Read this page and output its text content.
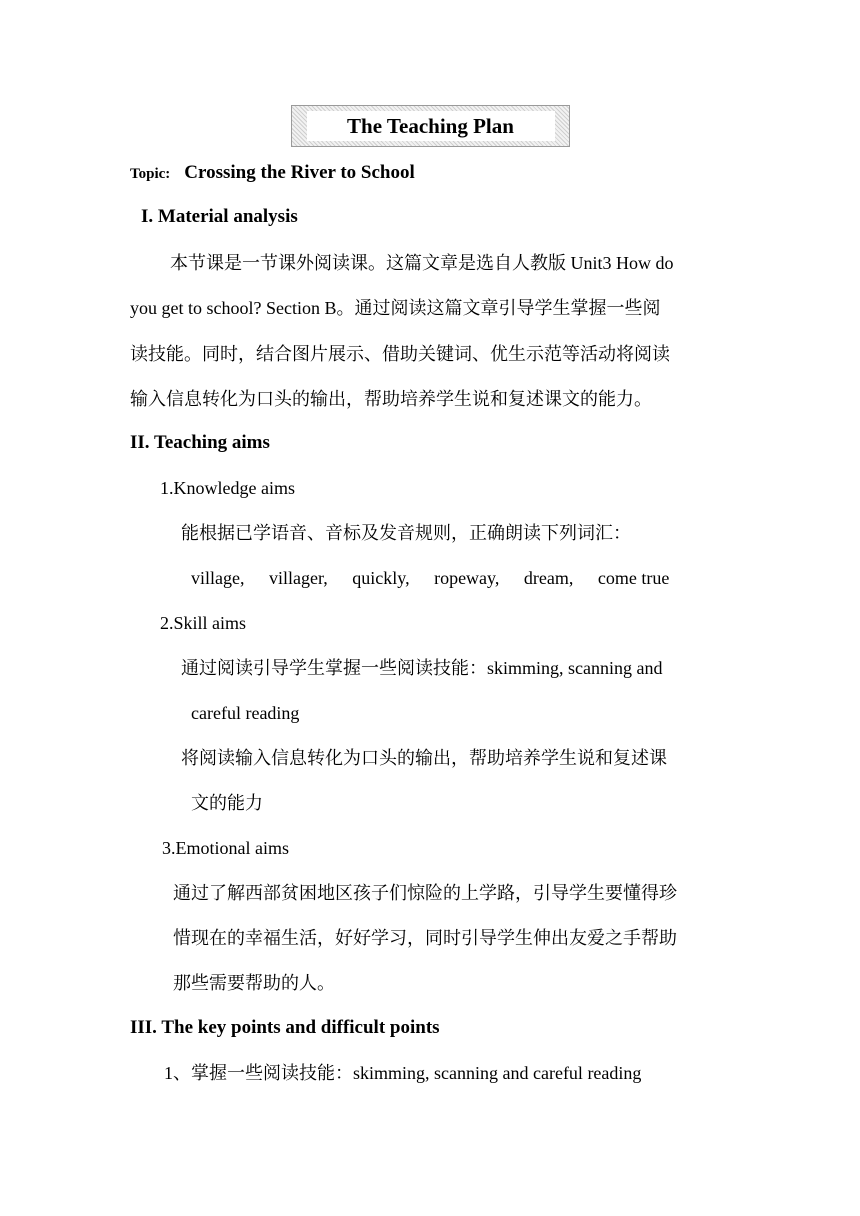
The Teaching Plan
Topic: Crossing the River to School
I. Material analysis
本节课是一节课外阅读课。这篇文章是选自人教版 Unit3 How do
you get to school? Section B。通过阅读这篇文章引导学生掌握一些阅
读技能。同时，结合图片展示、借助关键词、优生示范等活动将阅读
输入信息转化为口头的输出，帮助培养学生说和复述课文的能力。
II. Teaching aims
1.Knowledge aims
能根据已学语音、音标及发音规则，正确朗读下列词汇：
village, villager, quickly, ropeway, dream, come true
2.Skill aims
通过阅读引导学生掌握一些阅读技能：skimming, scanning and
careful reading
将阅读输入信息转化为口头的输出，帮助培养学生说和复述课
文的能力
3.Emotional aims
通过了解西部贫困地区孩子们惊险的上学路，引导学生要懂得珍
惜现在的幸福生活，好好学习，同时引导学生伸出友爱之手帮助
那些需要帮助的人。
III. The key points and difficult points
1、掌握一些阅读技能：skimming, scanning and careful reading
